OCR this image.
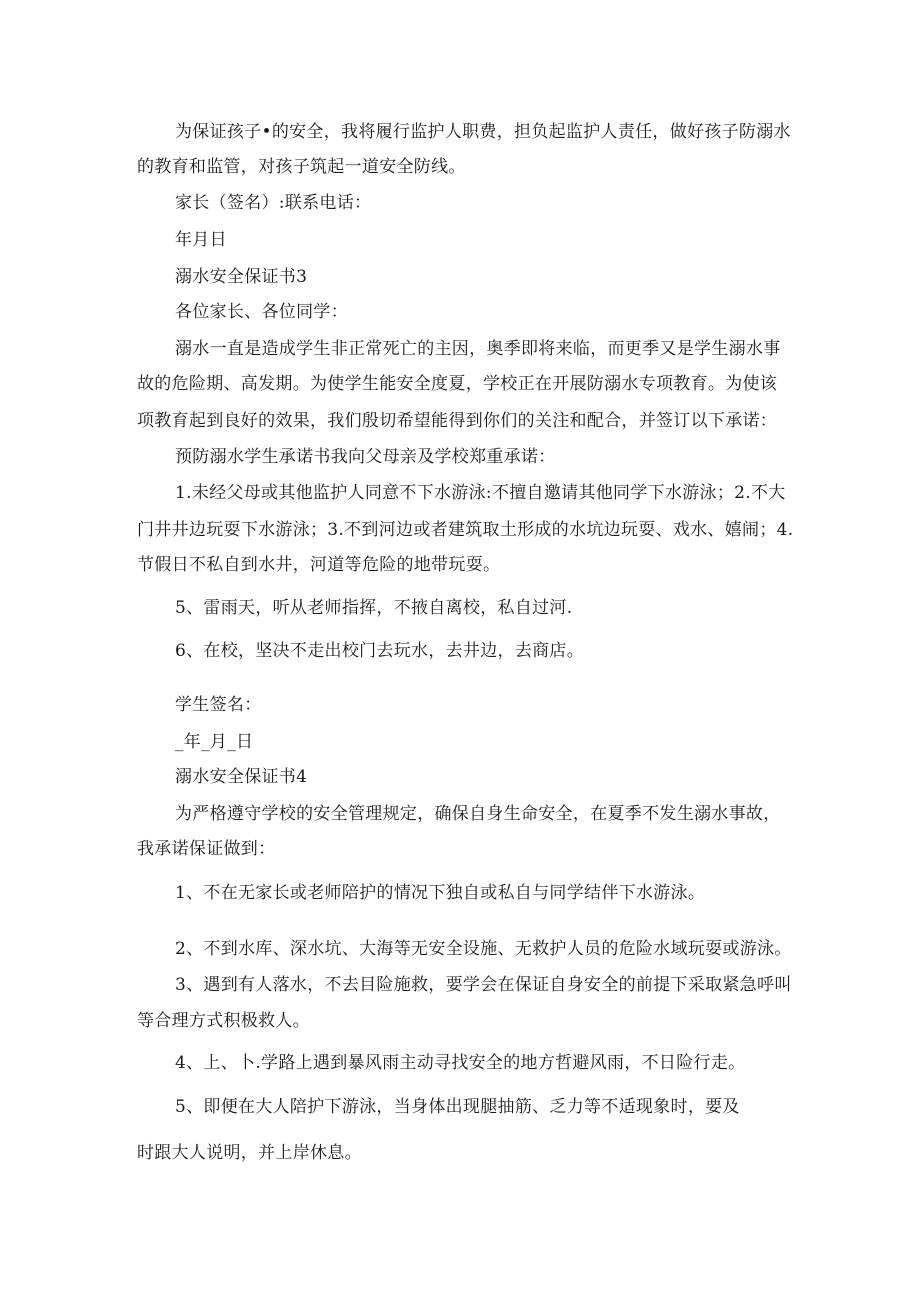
为保证孩子•的安全，我将履行监护人职费，担负起监护人责任，做好孩子防溺水

的教育和监管，对孩子筑起一道安全防线。

家长（签名）:联系电话：

年月日

溺水安全保证书3

各位家长、各位同学：

溺水一直是造成学生非正常死亡的主因，奥季即将来临，而更季又是学生溺水事

故的危险期、高发期。为使学生能安全度夏，学校正在开展防溺水专项教育。为使该

项教育起到良好的效果，我们殷切希望能得到你们的关注和配合，并签订以下承诺：

预防溺水学生承诺书我向父母亲及学校郑重承诺：

1.未经父母或其他监护人同意不下水游泳:不擅自邀请其他同学下水游泳；2.不大

门井井边玩耍下水游泳；3.不到河边或者建筑取土形成的水坑边玩耍、戏水、嬉闹；4.

节假日不私自到水井，河道等危险的地带玩耍。

5、雷雨天，听从老师指挥，不掖自离校，私自过河.

6、在校，坚决不走出校门去玩水，去井边，去商店。

学生签名：

_年_月_日

溺水安全保证书4

为严格遵守学校的安全管理规定，确保自身生命安全，在夏季不发生溺水事故，

我承诺保证做到：

1、不在无家长或老师陪护的情况下独自或私自与同学结伴下水游泳。

2、不到水库、深水坑、大海等无安全设施、无救护人员的危险水域玩耍或游泳。

3、遇到有人落水，不去目险施救，要学会在保证自身安全的前提下采取紧急呼叫

等合理方式积极救人。

4、上、卜.学路上遇到暴风雨主动寻找安全的地方哲避风雨，不日险行走。

5、即便在大人陪护下游泳，当身体出现腿抽筋、乏力等不适现象时，要及

时跟大人说明，并上岸休息。
